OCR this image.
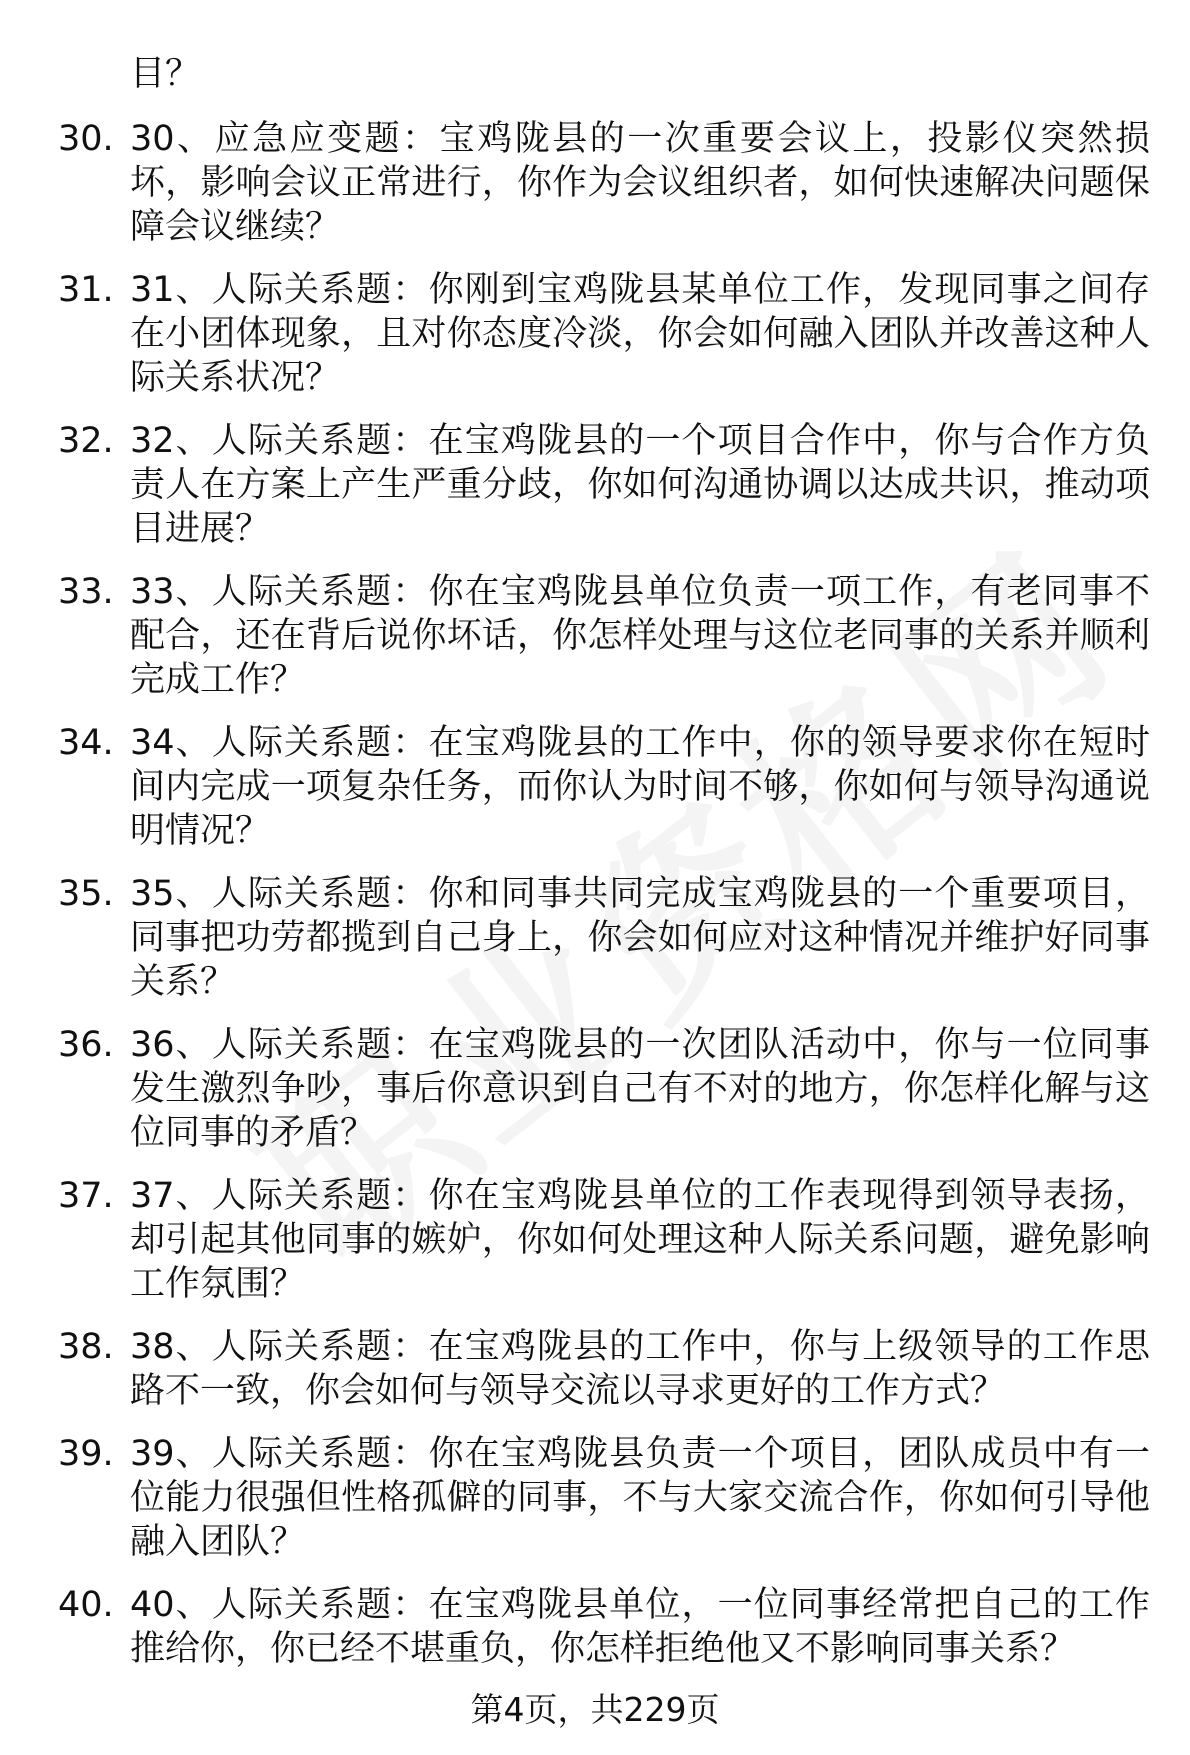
目？
30. 30、应急应变题：宝鸡陇县的一次重要会议上，投影仪突然损坏，影响会议正常进行，你作为会议组织者，如何快速解决问题保障会议继续？
31. 31、人际关系题：你刚到宝鸡陇县某单位工作，发现同事之间存在小团体现象，且对你态度冷淡，你会如何融入团队并改善这种人际关系状况？
32. 32、人际关系题：在宝鸡陇县的一个项目合作中，你与合作方负责人在方案上产生严重分歧，你如何沟通协调以达成共识，推动项目进展？
33. 33、人际关系题：你在宝鸡陇县单位负责一项工作，有老同事不配合，还在背后说你坏话，你怎样处理与这位老同事的关系并顺利完成工作？
34. 34、人际关系题：在宝鸡陇县的工作中，你的领导要求你在短时间内完成一项复杂任务，而你认为时间不够，你如何与领导沟通说明情况？
35. 35、人际关系题：你和同事共同完成宝鸡陇县的一个重要项目，同事把功劳都揽到自己身上，你会如何应对这种情况并维护好同事关系？
36. 36、人际关系题：在宝鸡陇县的一次团队活动中，你与一位同事发生激烈争吵，事后你意识到自己有不对的地方，你怎样化解与这位同事的矛盾？
37. 37、人际关系题：你在宝鸡陇县单位的工作表现得到领导表扬，却引起其他同事的嫉妒，你如何处理这种人际关系问题，避免影响工作氛围？
38. 38、人际关系题：在宝鸡陇县的工作中，你与上级领导的工作思路不一致，你会如何与领导交流以寻求更好的工作方式？
39. 39、人际关系题：你在宝鸡陇县负责一个项目，团队成员中有一位能力很强但性格孤僻的同事，不与大家交流合作，你如何引导他融入团队？
40. 40、人际关系题：在宝鸡陇县单位，一位同事经常把自己的工作推给你，你已经不堪重负，你怎样拒绝他又不影响同事关系？
第4页，共229页
